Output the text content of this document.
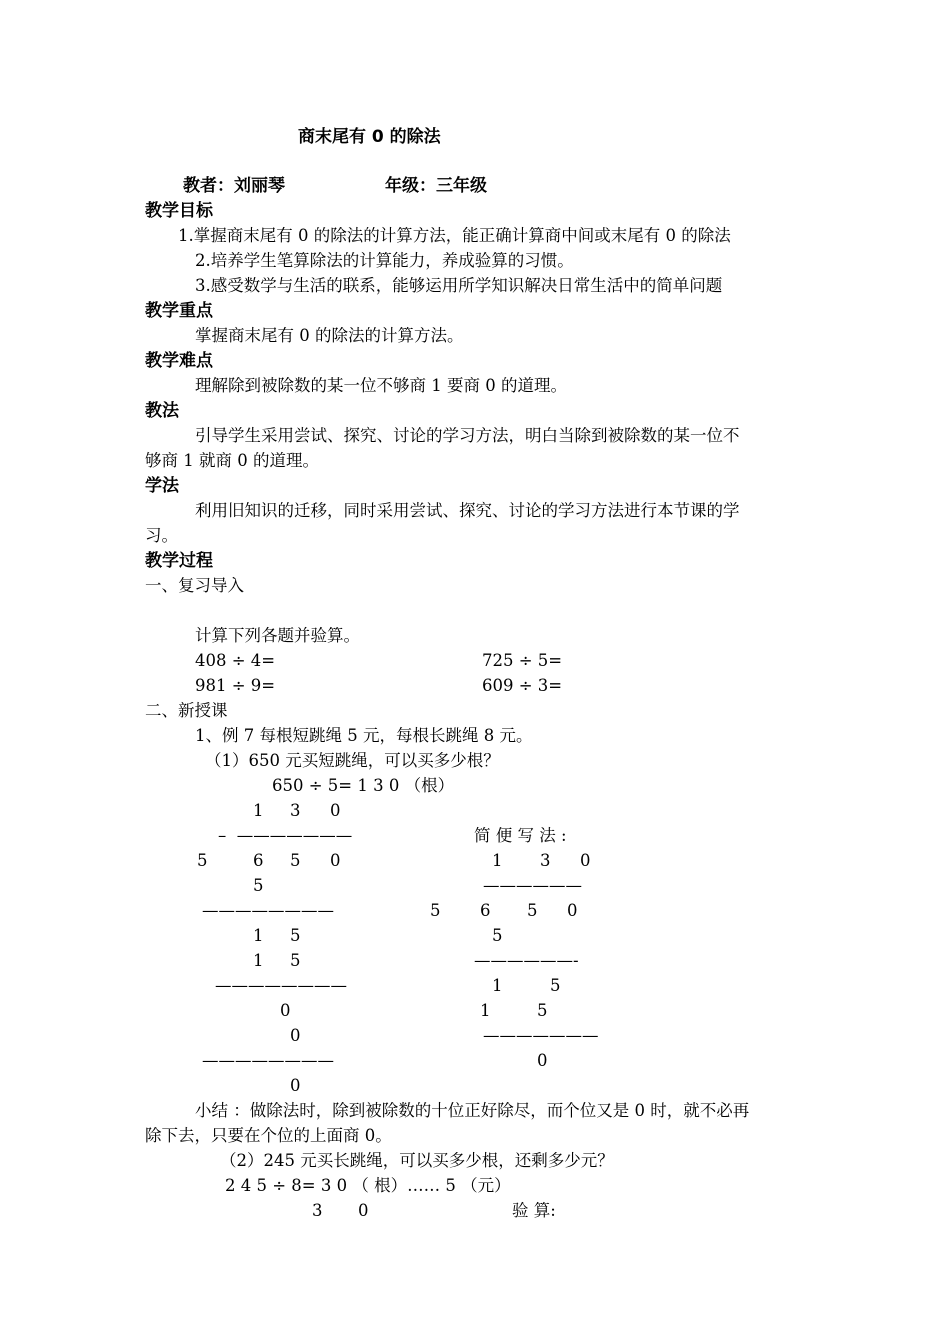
商末尾有 0 的除法
教者：刘丽琴	年级：三年级
教学目标
1.掌握商末尾有 0 的除法的计算方法，能正确计算商中间或末尾有 0 的除法
2.培养学生笔算除法的计算能力，养成验算的习惯。
3.感受数学与生活的联系，能够运用所学知识解决日常生活中的简单问题
教学重点
掌握商末尾有 0 的除法的计算方法。
教学难点
理解除到被除数的某一位不够商 1 要商 0 的道理。
教法
引导学生采用尝试、探究、讨论的学习方法，明白当除到被除数的某一位不
够商 1 就商 0 的道理。
学法
利用旧知识的迁移，同时采用尝试、探究、讨论的学习方法进行本节课的学
习。
教学过程
一、复习导入
计算下列各题并验算。
408 ÷ 4=	725 ÷ 5=
981 ÷ 9=	609 ÷ 3=
二、新授课
1、例 7 每根短跳绳 5 元，每根长跳绳 8 元。
（1）650 元买短跳绳，可以买多少根？
650 ÷ 5= 1 3 0 （根）
1 3 0
–  ———————
5	6 5 0
5
————————
1 5
1 5
————————
0
0
————————
0
简 便 写 法 :
1 3 0
——————
5 6 5 0
5
——————-
1	5
1	5
———————
0
小结 ：做除法时，除到被除数的十位正好除尽，而个位又是 0 时，就不必再
除下去，只要在个位的上面商 0。
（2）245 元买长跳绳，可以买多少根，还剩多少元？
2 4 5 ÷ 8= 3 0 （ 根）…… 5 （元）
3 0	验 算:
